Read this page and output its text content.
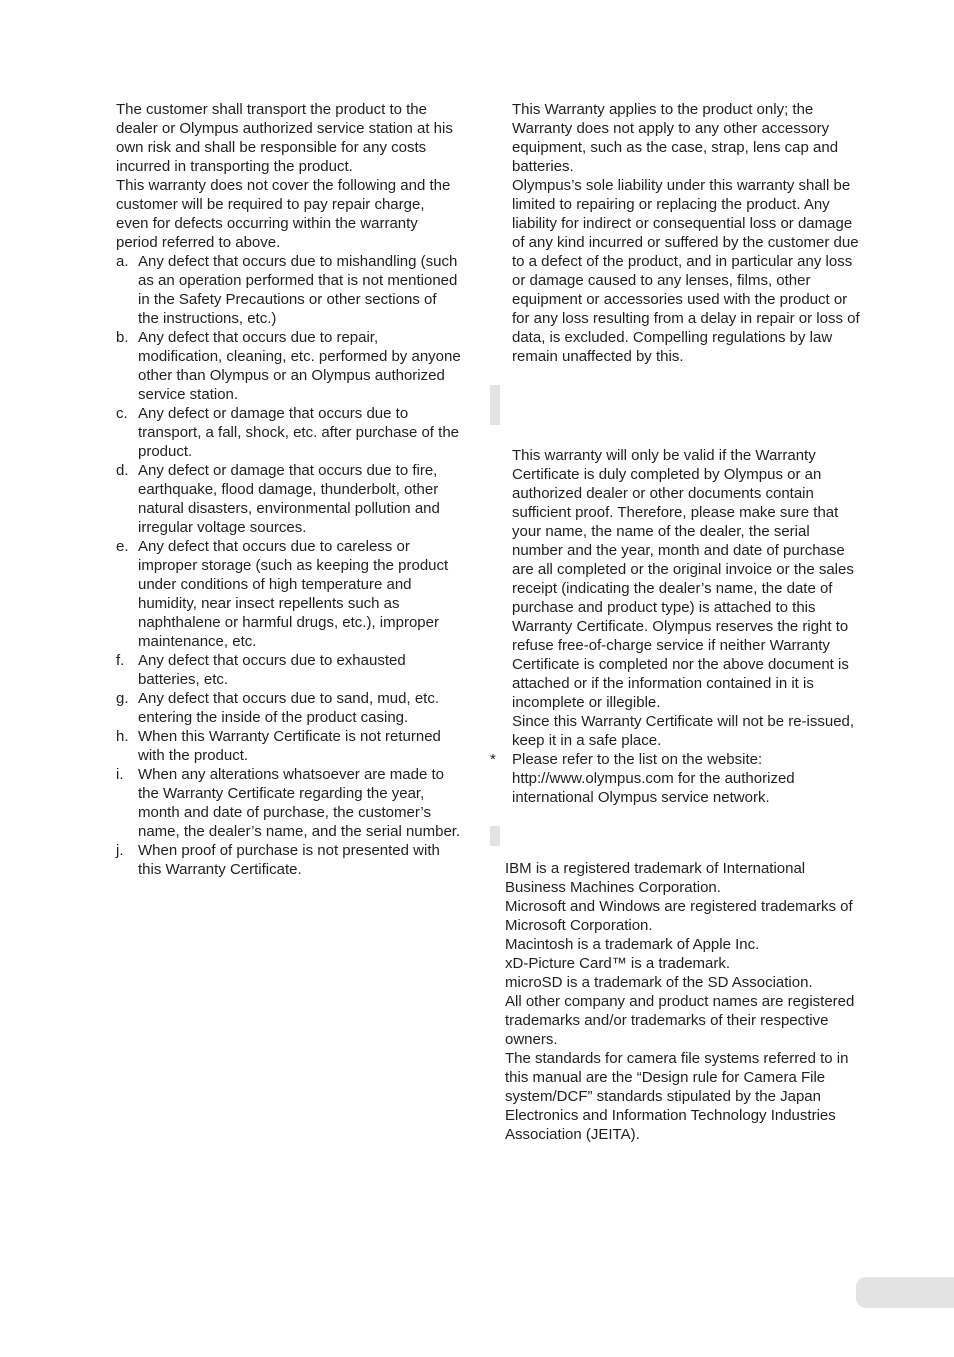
The customer shall transport the product to the dealer or Olympus authorized service station at his own risk and shall be responsible for any costs incurred in transporting the product.

This warranty does not cover the following and the customer will be required to pay repair charge, even for defects occurring within the warranty period referred to above.

a. Any defect that occurs due to mishandling (such as an operation performed that is not mentioned in the Safety Precautions or other sections of the instructions, etc.)
b. Any defect that occurs due to repair, modification, cleaning, etc. performed by anyone other than Olympus or an Olympus authorized service station.
c. Any defect or damage that occurs due to transport, a fall, shock, etc. after purchase of the product.
d. Any defect or damage that occurs due to fire, earthquake, flood damage, thunderbolt, other natural disasters, environmental pollution and irregular voltage sources.
e. Any defect that occurs due to careless or improper storage (such as keeping the product under conditions of high temperature and humidity, near insect repellents such as naphthalene or harmful drugs, etc.), improper maintenance, etc.
f. Any defect that occurs due to exhausted batteries, etc.
g. Any defect that occurs due to sand, mud, etc. entering the inside of the product casing.
h. When this Warranty Certificate is not returned with the product.
i. When any alterations whatsoever are made to the Warranty Certificate regarding the year, month and date of purchase, the customer’s name, the dealer’s name, and the serial number.
j. When proof of purchase is not presented with this Warranty Certificate.

This Warranty applies to the product only; the Warranty does not apply to any other accessory equipment, such as the case, strap, lens cap and batteries.

Olympus’s sole liability under this warranty shall be limited to repairing or replacing the product. Any liability for indirect or consequential loss or damage of any kind incurred or suffered by the customer due to a defect of the product, and in particular any loss or damage caused to any lenses, films, other equipment or accessories used with the product or for any loss resulting from a delay in repair or loss of data, is excluded. Compelling regulations by law remain unaffected by this.

This warranty will only be valid if the Warranty Certificate is duly completed by Olympus or an authorized dealer or other documents contain sufficient proof. Therefore, please make sure that your name, the name of the dealer, the serial number and the year, month and date of purchase are all completed or the original invoice or the sales receipt (indicating the dealer’s name, the date of purchase and product type) is attached to this Warranty Certificate. Olympus reserves the right to refuse free-of-charge service if neither Warranty Certificate is completed nor the above document is attached or if the information contained in it is incomplete or illegible.

Since this Warranty Certificate will not be re-issued, keep it in a safe place.

* Please refer to the list on the website: http://www.olympus.com for the authorized international Olympus service network.

IBM is a registered trademark of International Business Machines Corporation.

Microsoft and Windows are registered trademarks of Microsoft Corporation.

Macintosh is a trademark of Apple Inc.

xD-Picture Card™ is a trademark.

microSD is a trademark of the SD Association.

All other company and product names are registered trademarks and/or trademarks of their respective owners.

The standards for camera file systems referred to in this manual are the “Design rule for Camera File system/DCF” standards stipulated by the Japan Electronics and Information Technology Industries Association (JEITA).
